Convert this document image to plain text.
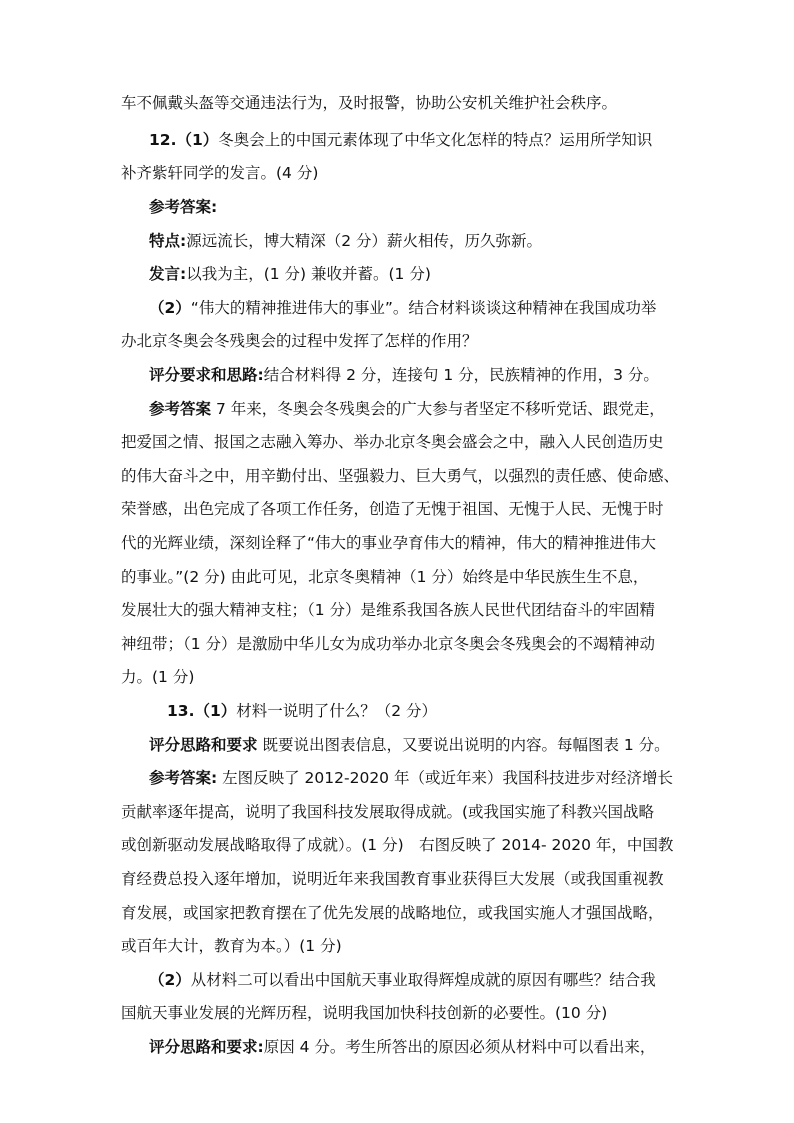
车不佩戴头盔等交通违法行为，及时报警，协助公安机关维护社会秩序。
12.（1）冬奥会上的中国元素体现了中华文化怎样的特点？运用所学知识
补齐紫轩同学的发言。(4 分)
参考答案:
特点:源远流长，博大精深（2 分）薪火相传，历久弥新。
发言:以我为主，(1 分) 兼收并蓄。(1 分)
（2）“伟大的精神推进伟大的事业”。结合材料谈谈这种精神在我国成功举
办北京冬奥会冬残奥会的过程中发挥了怎样的作用？
评分要求和思路:结合材料得 2 分，连接句 1 分，民族精神的作用，3 分。
参考答案 7 年来，冬奥会冬残奥会的广大参与者坚定不移听党话、跟党走，
把爱国之情、报国之志融入筹办、举办北京冬奥会盛会之中，融入人民创造历史
的伟大奋斗之中，用辛勤付出、坚强毅力、巨大勇气，以强烈的责任感、使命感、
荣誉感，出色完成了各项工作任务，创造了无愧于祖国、无愧于人民、无愧于时
代的光辉业绩，深刻诠释了“伟大的事业孕育伟大的精神，伟大的精神推进伟大
的事业。”(2 分) 由此可见，北京冬奥精神（1 分）始终是中华民族生生不息，
发展壮大的强大精神支柱；（1 分）是维系我国各族人民世代团结奋斗的牢固精
神纽带；（1 分）是激励中华儿女为成功举办北京冬奥会冬残奥会的不竭精神动
力。(1 分)
13.（1）材料一说明了什么？（2 分）
评分思路和要求 既要说出图表信息，又要说出说明的内容。每幅图表 1 分。
参考答案: 左图反映了 2012-2020 年（或近年来）我国科技进步对经济增长
贡献率逐年提高，说明了我国科技发展取得成就。(或我国实施了科教兴国战略
或创新驱动发展战略取得了成就）。(1 分)　右图反映了 2014- 2020 年，中国教
育经费总投入逐年增加，说明近年来我国教育事业获得巨大发展（或我国重视教
育发展，或国家把教育摆在了优先发展的战略地位，或我国实施人才强国战略，
或百年大计，教育为本。）(1 分)
（2）从材料二可以看出中国航天事业取得辉煌成就的原因有哪些？结合我
国航天事业发展的光辉历程，说明我国加快科技创新的必要性。(10 分)
评分思路和要求:原因 4 分。考生所答出的原因必须从材料中可以看出来，
